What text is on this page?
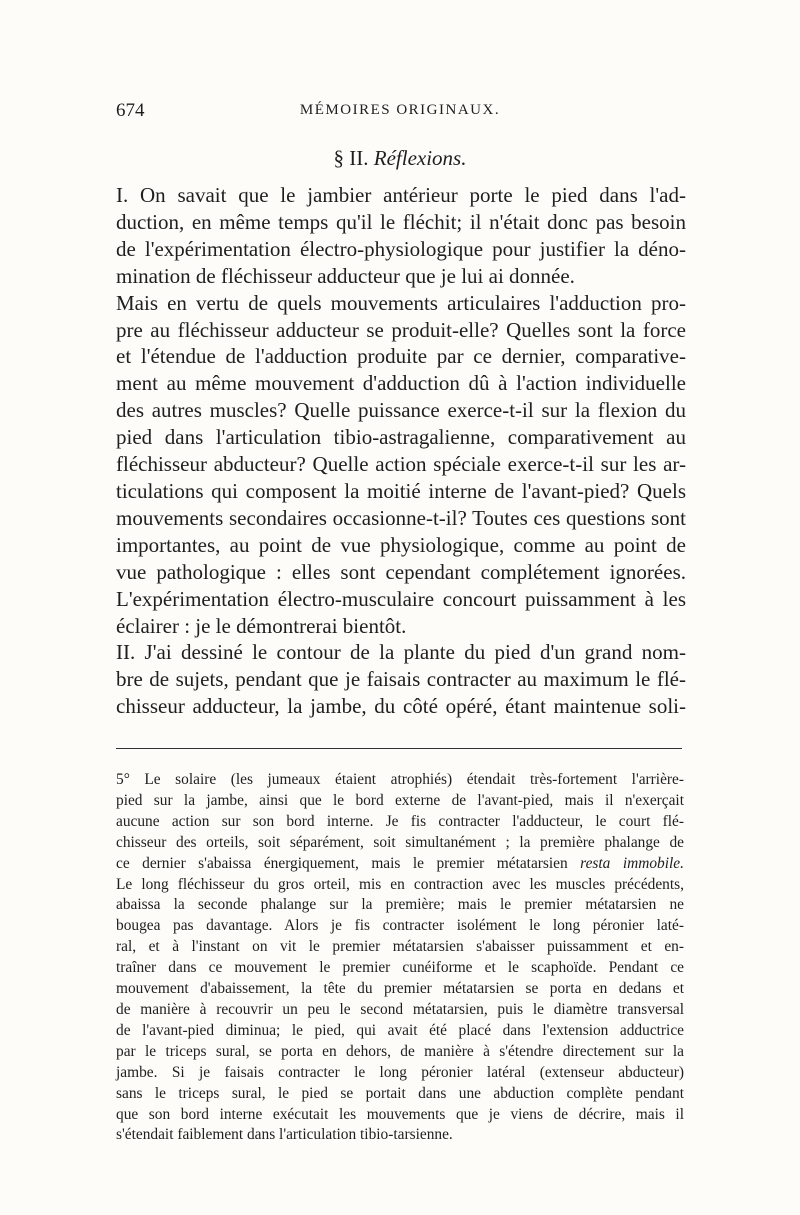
674	MÉMOIRES ORIGINAUX.
§ II. Réflexions.
I. On savait que le jambier antérieur porte le pied dans l'ad-
duction, en même temps qu'il le fléchit; il n'était donc pas besoin
de l'expérimentation électro-physiologique pour justifier la déno-
mination de fléchisseur adducteur que je lui ai donnée.
Mais en vertu de quels mouvements articulaires l'adduction pro-
pre au fléchisseur adducteur se produit-elle? Quelles sont la force
et l'étendue de l'adduction produite par ce dernier, comparative-
ment au même mouvement d'adduction dû à l'action individuelle
des autres muscles? Quelle puissance exerce-t-il sur la flexion du
pied dans l'articulation tibio-astragalienne, comparativement au
fléchisseur abducteur? Quelle action spéciale exerce-t-il sur les ar-
ticulations qui composent la moitié interne de l'avant-pied? Quels
mouvements secondaires occasionne-t-il? Toutes ces questions sont
importantes, au point de vue physiologique, comme au point de
vue pathologique : elles sont cependant complétement ignorées.
L'expérimentation électro-musculaire concourt puissamment à les
éclairer : je le démontrerai bientôt.
II. J'ai dessiné le contour de la plante du pied d'un grand nom-
bre de sujets, pendant que je faisais contracter au maximum le flé-
chisseur adducteur, la jambe, du côté opéré, étant maintenue soli-
5° Le solaire (les jumeaux étaient atrophiés) étendait très-fortement l'arrière-
pied sur la jambe, ainsi que le bord externe de l'avant-pied, mais il n'exerçait
aucune action sur son bord interne. Je fis contracter l'adducteur, le court flé-
chisseur des orteils, soit séparément, soit simultanément ; la première phalange de
ce dernier s'abaissa énergiquement, mais le premier métatarsien resta immobile.
Le long fléchisseur du gros orteil, mis en contraction avec les muscles précédents,
abaissa la seconde phalange sur la première; mais le premier métatarsien ne
bougea pas davantage. Alors je fis contracter isolément le long péronier laté-
ral, et à l'instant on vit le premier métatarsien s'abaisser puissamment et en-
traîner dans ce mouvement le premier cunéiforme et le scaphoïde. Pendant ce
mouvement d'abaissement, la tête du premier métatarsien se porta en dedans et
de manière à recouvrir un peu le second métatarsien, puis le diamètre transversal
de l'avant-pied diminua; le pied, qui avait été placé dans l'extension adductrice
par le triceps sural, se porta en dehors, de manière à s'étendre directement sur la
jambe. Si je faisais contracter le long péronier latéral (extenseur abducteur)
sans le triceps sural, le pied se portait dans une abduction complète pendant
que son bord interne exécutait les mouvements que je viens de décrire, mais il
s'étendait faiblement dans l'articulation tibio-tarsienne.
